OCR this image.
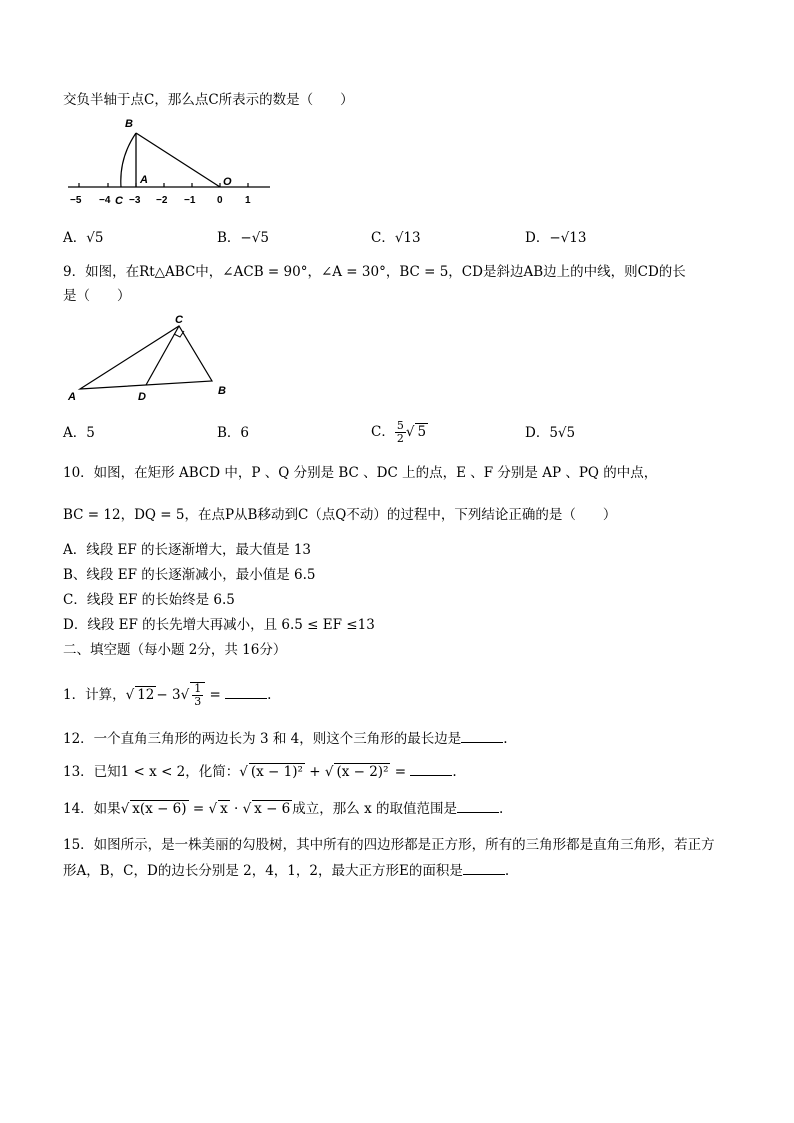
交负半轴于点C，那么点C所表示的数是（　　）
B
A	O
−5 −4 −3 −2 −1 0 1
C
A．√5	B．−√5	C．√13	D．−√13
9．如图，在Rt△ABC中，∠ACB = 90°，∠A = 30°，BC = 5，CD是斜边AB边上的中线，则CD的长
是（　　）
C
A	D	B
A．5	B．6	C． $\frac{5}{2}$ √ 5	D．5√5
10．如图，在矩形 ABCD 中，P 、Q 分别是 BC 、DC 上的点，E 、F 分别是 AP 、PQ 的中点，
BC = 12，DQ = 5，在点P从B移动到C（点Q不动）的过程中，下列结论正确的是（　　）
A．线段 EF 的长逐渐增大，最大值是 13
B、线段 EF 的长逐渐减小，最小值是 6.5
C．线段 EF 的长始终是 6.5
D．线段 EF 的长先增大再减小，且 6.5 ≤ EF ≤13
二、填空题（每小题 2分，共 16分）
1．计算，√ $12 - 3√ \frac{1}{3}$ =	.
12．一个直角三角形的两边长为 3 和 4，则这个三角形的最长边是	.
13．已知1 < x < 2，化简：√ (x − 1)² + √ (x − 2)² =	.
14．如果√ x(x − 6) = √ x · √ x − 6 成立，那么 x 的取值范围是	.
15．如图所示，是一株美丽的勾股树，其中所有的四边形都是正方形，所有的三角形都是直角三角形，若正方
形A，B，C，D的边长分别是 2，4，1，2，最大正方形E的面积是	.
